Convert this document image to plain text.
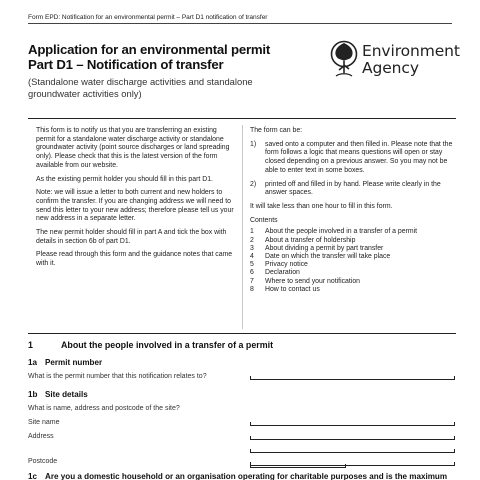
Form EPD: Notification for an environmental permit – Part D1 notification of transfer
Application for an environmental permit
Part D1 – Notification of transfer
(Standalone water discharge activities and standalone groundwater activities only)
Environment
Agency

This form is to notify us that you are transferring an existing permit for a standalone water discharge activity or standalone groundwater activity (point source discharges or land spreading only). Please check that this is the latest version of the form available from our website.

As the existing permit holder you should fill in this part D1.

Note: we will issue a letter to both current and new holders to confirm the transfer. If you are changing address we will need to send this letter to your new address; therefore please tell us your new address in a separate letter.

The new permit holder should fill in part A and tick the box with details in section 6b of part D1.

Please read through this form and the guidance notes that came with it.

The form can be:

1)	saved onto a computer and then filled in. Please note that the form follows a logic that means questions will open or stay closed depending on a previous answer. So you may not be able to enter text in some boxes.
2)	printed off and filled in by hand. Please write clearly in the answer spaces.

It will take less than one hour to fill in this form.

Contents

1	About the people involved in a transfer of a permit
2	About a transfer of holdership
3	About dividing a permit by part transfer
4	Date on which the transfer will take place
5	Privacy notice
6	Declaration
7	Where to send your notification
8	How to contact us
1	About the people involved in a transfer of a permit
1a Permit number
What is the permit number that this notification relates to?
1b Site details
What is name, address and postcode of the site?
Site name
Address
Postcode
1c Are you a domestic household or an organisation operating for charitable purposes and is the maximum
